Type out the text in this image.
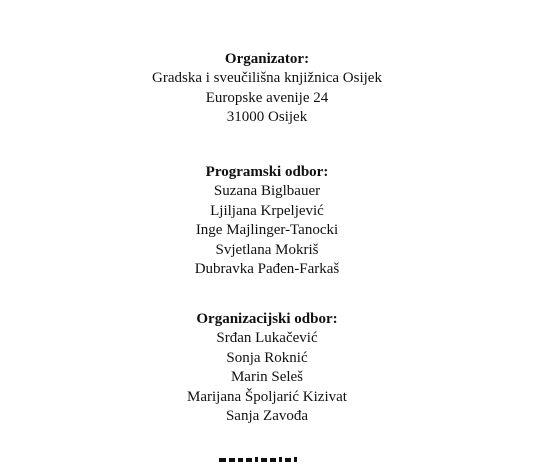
Organizator:

Gradska i sveučilišna knjižnica Osijek

Europske avenije 24

31000 Osijek

Programski odbor:

Suzana Biglbauer

Ljiljana Krpeljević

Inge Majlinger-Tanocki

Svjetlana Mokriš

Dubravka Pađen-Farkaš

Organizacijski odbor:

Srđan Lukačević

Sonja Roknić

Marin Seleš

Marijana Špoljarić Kizivat

Sanja Zavođa
